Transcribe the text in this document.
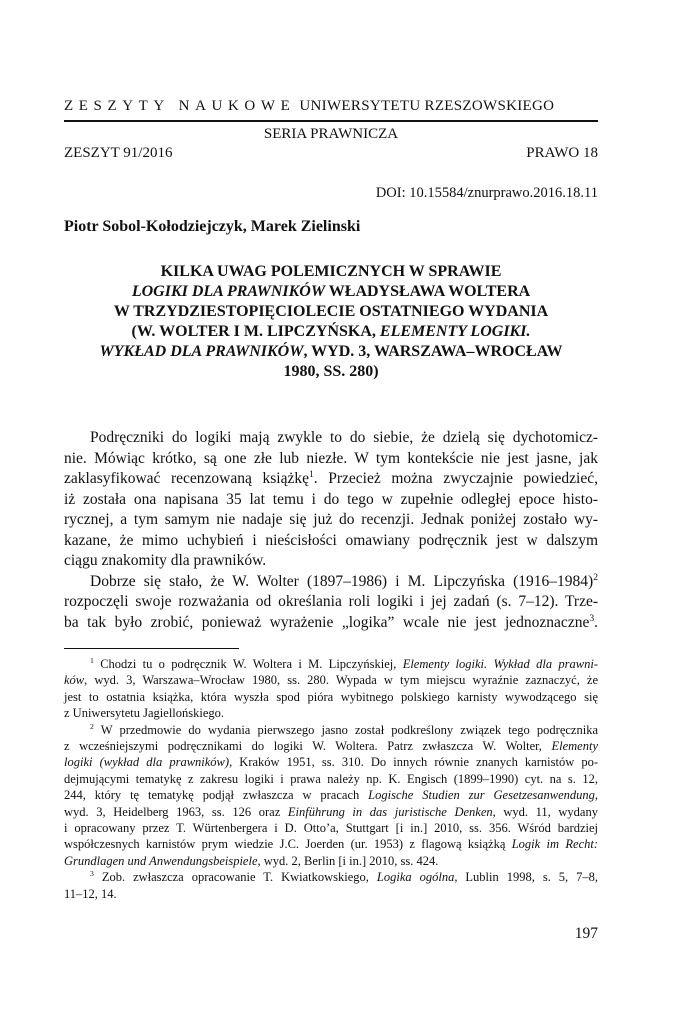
ZESZYTY NAUKOWE UNIWERSYTETU RZESZOWSKIEGO
SERIA PRAWNICZA
ZESZYT 91/2016	PRAWO 18
DOI: 10.15584/znurprawo.2016.18.11
Piotr Sobol-Kołodziejczyk, Marek Zielinski
KILKA UWAG POLEMICZNYCH W SPRAWIE
LOGIKI DLA PRAWNIKÓW WŁADYSŁAWA WOLTERA
W TRZYDZIESTOPIĘCIOLECIE OSTATNIEGO WYDANIA
(W. WOLTER I M. LIPCZYŃSKA, ELEMENTY LOGIKI.
WYKŁAD DLA PRAWNIKÓW, WYD. 3, WARSZAWA–WROCŁAW
1980, SS. 280)

Podręczniki do logiki mają zwykle to do siebie, że dzielą się dychotomicz-
nie. Mówiąc krótko, są one złe lub niezłe. W tym kontekście nie jest jasne, jak
zaklasyfikować recenzowaną książkę$^1$. Przecież można zwyczajnie powiedzieć,
iż została ona napisana 35 lat temu i do tego w zupełnie odległej epoce histo-
rycznej, a tym samym nie nadaje się już do recenzji. Jednak poniżej zostało wy-
kazane, że mimo uchybień i nieścisłości omawiany podręcznik jest w dalszym
ciągu znakomity dla prawników.

Dobrze się stało, że W. Wolter (1897–1986) i M. Lipczyńska (1916–1984)$^2$
rozpoczęli swoje rozważania od określania roli logiki i jej zadań (s. 7–12). Trze-
ba tak było zrobić, ponieważ wyrażenie „logika” wcale nie jest jednoznaczne$^3$.

$^1$ Chodzi tu o podręcznik W. Woltera i M. Lipczyńskiej, Elementy logiki. Wykład dla prawni-
ków, wyd. 3, Warszawa–Wrocław 1980, ss. 280. Wypada w tym miejscu wyraźnie zaznaczyć, że
jest to ostatnia książka, która wyszła spod pióra wybitnego polskiego karnisty wywodzącego się
z Uniwersytetu Jagiellońskiego.
$^2$ W przedmowie do wydania pierwszego jasno został podkreślony związek tego podręcznika
z wcześniejszymi podręcznikami do logiki W. Woltera. Patrz zwłaszcza W. Wolter, Elementy
logiki (wykład dla prawników), Kraków 1951, ss. 310. Do innych równie znanych karnistów po-
dejmującymi tematykę z zakresu logiki i prawa należy np. K. Engisch (1899–1990) cyt. na s. 12,
244, który tę tematykę podjął zwłaszcza w pracach Logische Studien zur Gesetzesanwendung,
wyd. 3, Heidelberg 1963, ss. 126 oraz Einführung in das juristische Denken, wyd. 11, wydany
i opracowany przez T. Würtenbergera i D. Otto’a, Stuttgart [i in.] 2010, ss. 356. Wśród bardziej
współczesnych karnistów prym wiedzie J.C. Joerden (ur. 1953) z flagową książką Logik im Recht:
Grundlagen und Anwendungsbeispiele, wyd. 2, Berlin [i in.] 2010, ss. 424.
$^3$ Zob. zwłaszcza opracowanie T. Kwiatkowskiego, Logika ogólna, Lublin 1998, s. 5, 7–8,
11–12, 14.
197
